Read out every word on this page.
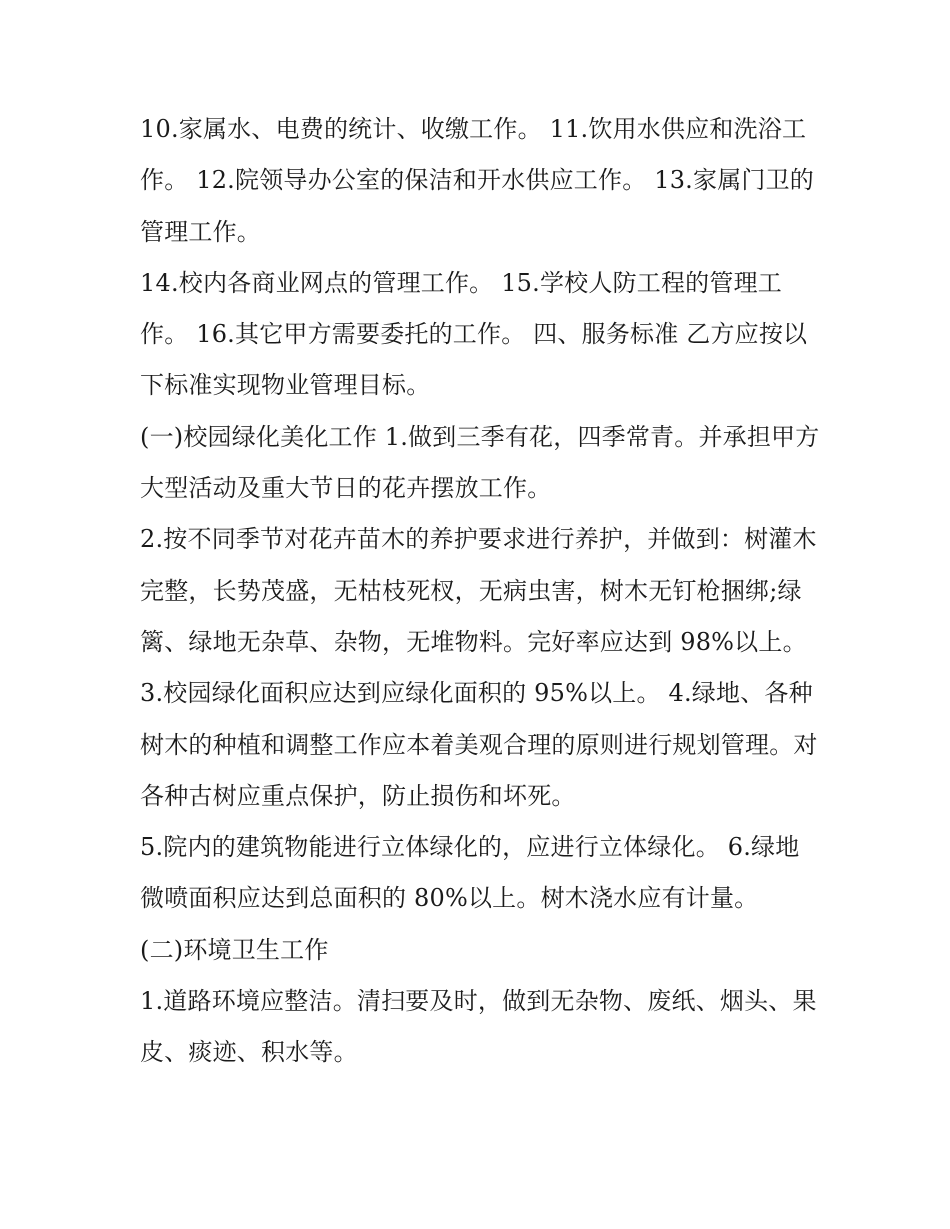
10.家属水、电费的统计、收缴工作。 11.饮用水供应和洗浴工作。 12.院领导办公室的保洁和开水供应工作。 13.家属门卫的管理工作。

14.校内各商业网点的管理工作。 15.学校人防工程的管理工作。 16.其它甲方需要委托的工作。 四、服务标准 乙方应按以下标准实现物业管理目标。

(一)校园绿化美化工作 1.做到三季有花，四季常青。并承担甲方大型活动及重大节日的花卉摆放工作。

2.按不同季节对花卉苗木的养护要求进行养护，并做到：树灌木完整，长势茂盛，无枯枝死杈，无病虫害，树木无钉枪捆绑;绿篱、绿地无杂草、杂物，无堆物料。完好率应达到 98%以上。

3.校园绿化面积应达到应绿化面积的 95%以上。 4.绿地、各种树木的种植和调整工作应本着美观合理的原则进行规划管理。对各种古树应重点保护，防止损伤和坏死。

5.院内的建筑物能进行立体绿化的，应进行立体绿化。 6.绿地微喷面积应达到总面积的 80%以上。树木浇水应有计量。

(二)环境卫生工作

1.道路环境应整洁。清扫要及时，做到无杂物、废纸、烟头、果皮、痰迹、积水等。
